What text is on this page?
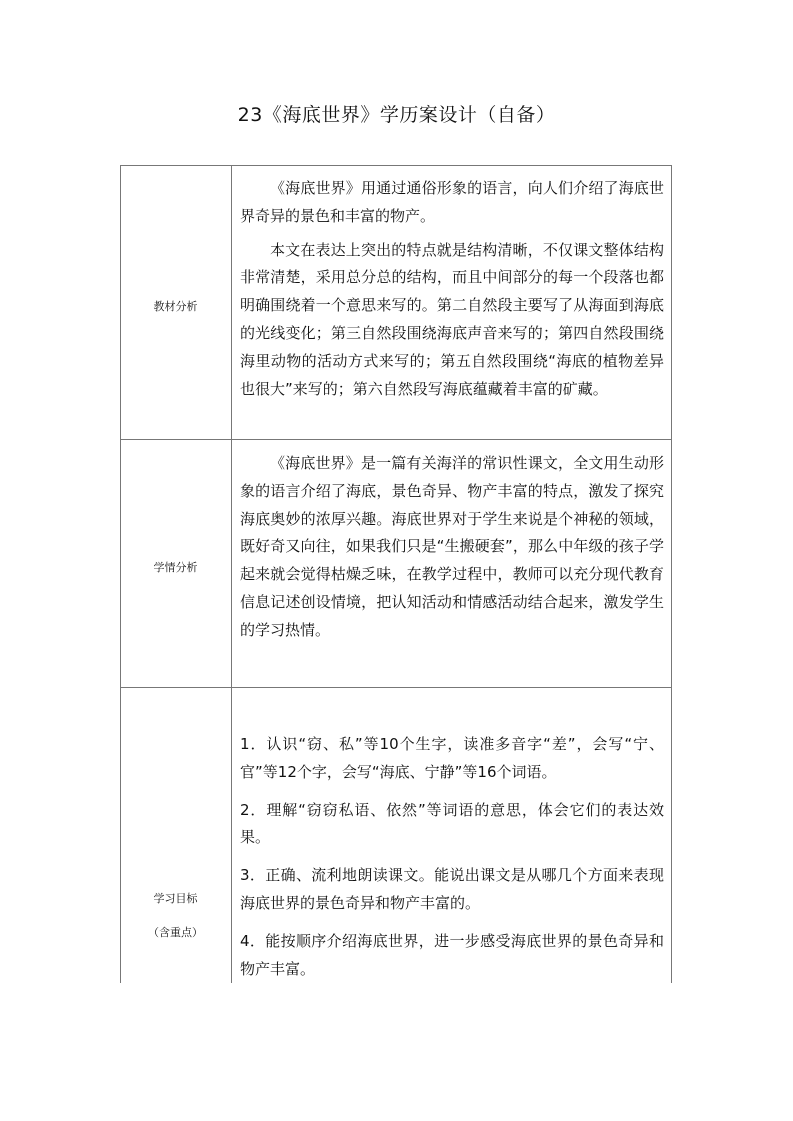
23《海底世界》学历案设计（自备）
教材分析

《海底世界》用通过通俗形象的语言，向人们介绍了海底世界奇异的景色和丰富的物产。

本文在表达上突出的特点就是结构清晰，不仅课文整体结构非常清楚，采用总分总的结构，而且中间部分的每一个段落也都明确围绕着一个意思来写的。第二自然段主要写了从海面到海底的光线变化；第三自然段围绕海底声音来写的；第四自然段围绕海里动物的活动方式来写的；第五自然段围绕“海底的植物差异也很大”来写的；第六自然段写海底蕴藏着丰富的矿藏。

学情分析

《海底世界》是一篇有关海洋的常识性课文，全文用生动形象的语言介绍了海底，景色奇异、物产丰富的特点，激发了探究海底奥妙的浓厚兴趣。海底世界对于学生来说是个神秘的领域，既好奇又向往，如果我们只是“生搬硬套”，那么中年级的孩子学起来就会觉得枯燥乏味，在教学过程中，教师可以充分现代教育信息记述创设情境，把认知活动和情感活动结合起来，激发学生的学习热情。

学习目标
（含重点）

1．认识“窃、私”等10个生字，读准多音字“差”，会写“宁、官”等12个字，会写“海底、宁静”等16个词语。

2．理解“窃窃私语、依然”等词语的意思，体会它们的表达效果。

3．正确、流利地朗读课文。能说出课文是从哪几个方面来表现海底世界的景色奇异和物产丰富的。

4．能按顺序介绍海底世界，进一步感受海底世界的景色奇异和物产丰富。
